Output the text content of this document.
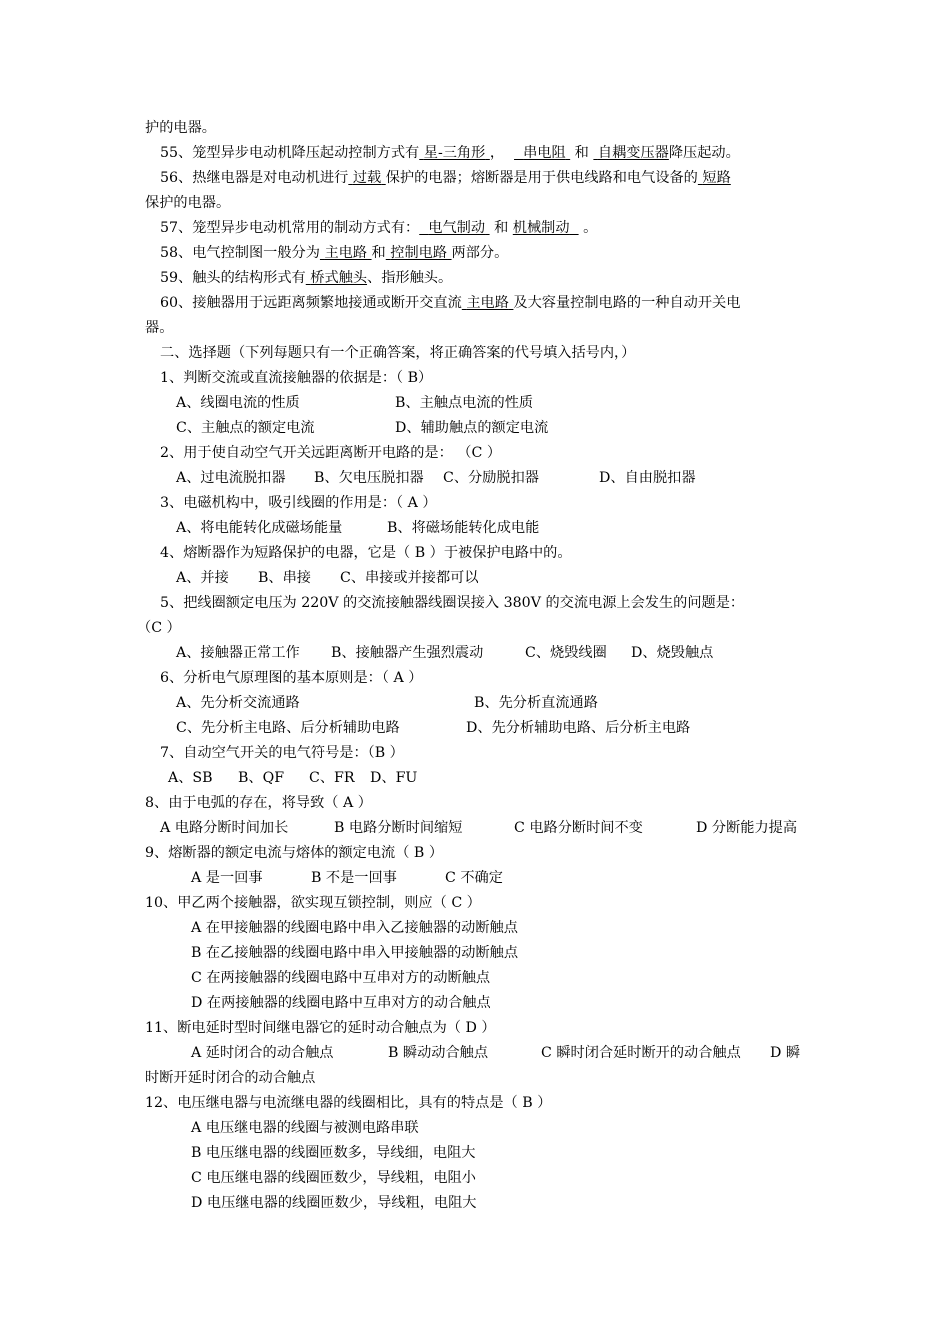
护的电器。
55、笼型异步电动机降压起动控制方式有 星-三角形 ， 串电阻 和 自耦变压器降压起动。
56、热继电器是对电动机进行 过载 保护的电器；熔断器是用于供电线路和电气设备的 短路
保护的电器。
57、笼型异步电动机常用的制动方式有： 电气制动 和 机械制动 。
58、电气控制图一般分为 主电路 和 控制电路 两部分。
59、触头的结构形式有 桥式触头、指形触头。
60、接触器用于远距离频繁地接通或断开交直流 主电路 及大容量控制电路的一种自动开关电
器。
二、选择题（下列每题只有一个正确答案，将正确答案的代号填入括号内，）
1、判断交流或直流接触器的依据是：（ B）
A、线圈电流的性质	B、主触点电流的性质
C、主触点的额定电流	D、辅助触点的额定电流
2、用于使自动空气开关远距离断开电路的是： （C ）
A、过电流脱扣器 B、欠电压脱扣器 C、分励脱扣器	D、自由脱扣器
3、电磁机构中，吸引线圈的作用是：（ A ）
A、将电能转化成磁场能量	B、将磁场能转化成电能
4、熔断器作为短路保护的电器，它是（ B ）于被保护电路中的。
A、并接 B、串接 C、串接或并接都可以
5、把线圈额定电压为 220V 的交流接触器线圈误接入 380V 的交流电源上会发生的问题是：
（C ）
A、接触器正常工作 B、接触器产生强烈震动	C、烧毁线圈 D、烧毁触点
6、分析电气原理图的基本原则是：（ A ）
A、先分析交流通路	B、先分析直流通路
C、先分析主电路、后分析辅助电路	D、先分析辅助电路、后分析主电路
7、自动空气开关的电气符号是：（B ）
A、SB B、QF C、FR D、FU
8、由于电弧的存在，将导致（ A ）
A 电路分断时间加长	B 电路分断时间缩短	C 电路分断时间不变	D 分断能力提高
9、熔断器的额定电流与熔体的额定电流（ B ）
A 是一回事	B 不是一回事	C 不确定
10、甲乙两个接触器，欲实现互锁控制，则应（ C ）
A 在甲接触器的线圈电路中串入乙接触器的动断触点
B 在乙接触器的线圈电路中串入甲接触器的动断触点
C 在两接触器的线圈电路中互串对方的动断触点
D 在两接触器的线圈电路中互串对方的动合触点
11、断电延时型时间继电器它的延时动合触点为（ D ）
A 延时闭合的动合触点	B 瞬动动合触点	C 瞬时闭合延时断开的动合触点 D 瞬
时断开延时闭合的动合触点
12、电压继电器与电流继电器的线圈相比，具有的特点是（ B ）
A 电压继电器的线圈与被测电路串联
B 电压继电器的线圈匝数多，导线细，电阻大
C 电压继电器的线圈匝数少，导线粗，电阻小
D 电压继电器的线圈匝数少，导线粗，电阻大
